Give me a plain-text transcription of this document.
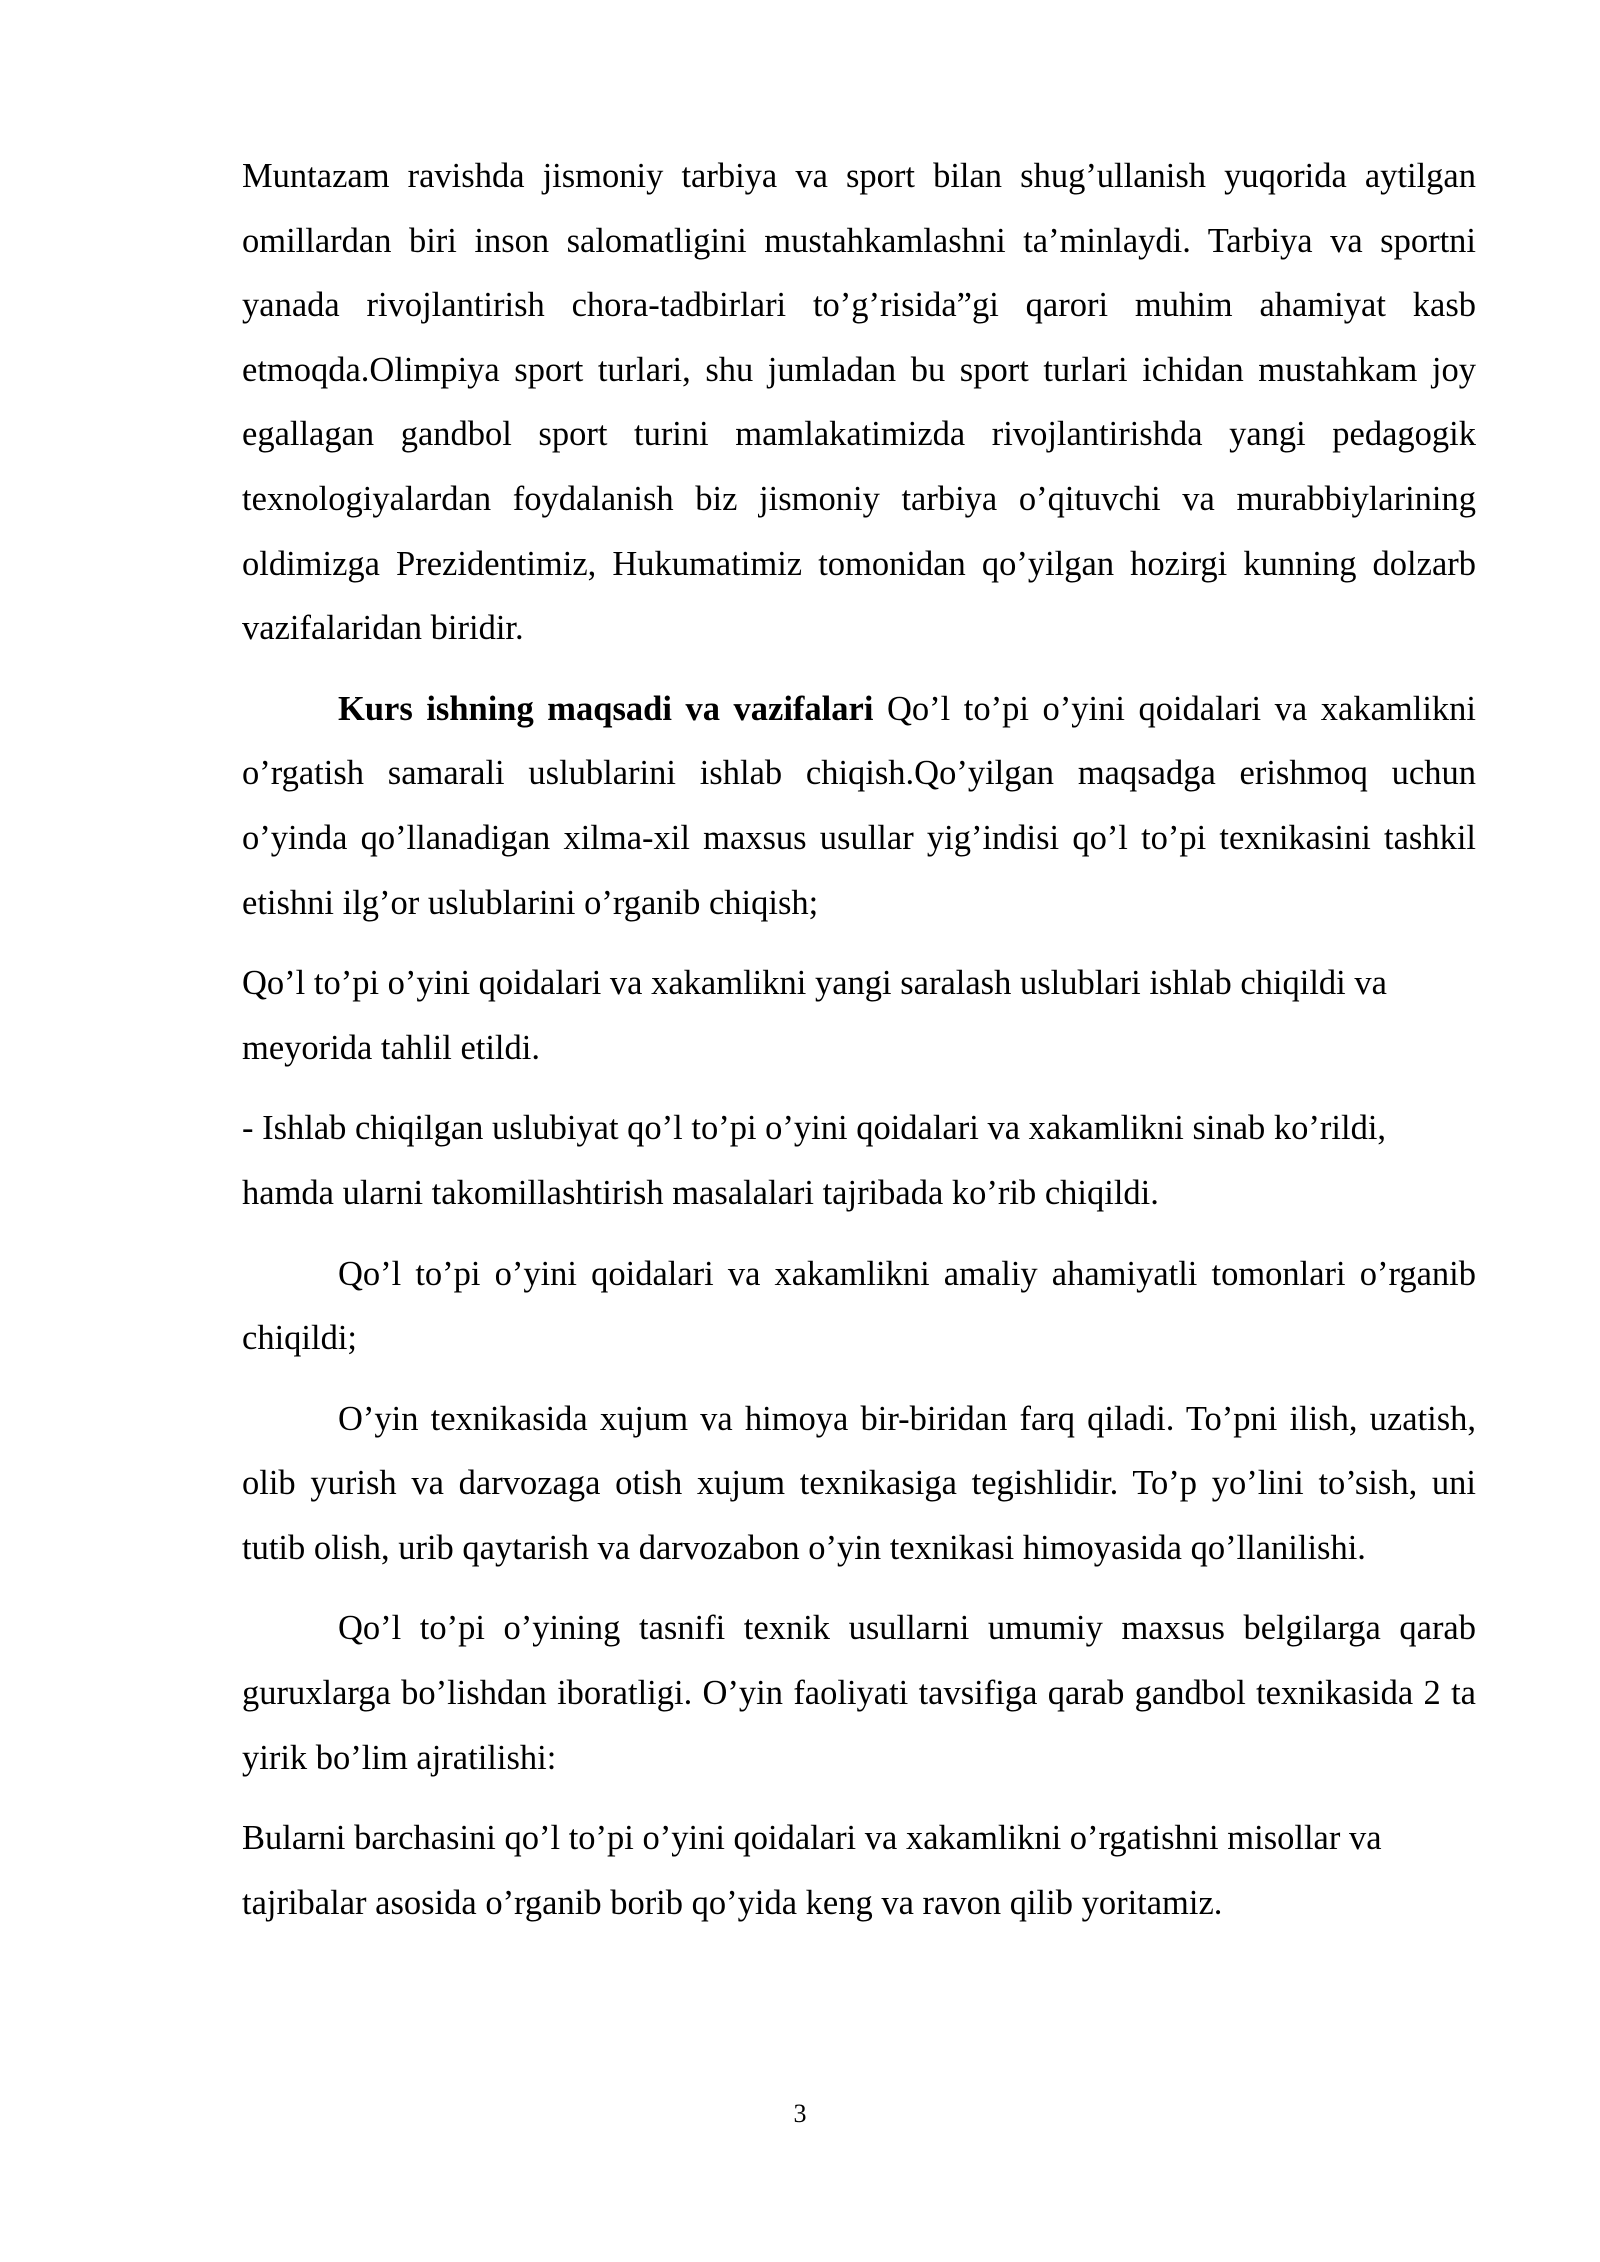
Muntazam ravishda jismoniy tarbiya va sport bilan shug’ullanish yuqorida aytilgan omillardan biri inson salomatligini mustahkamlashni ta’minlaydi. Tarbiya va sportni yanada rivojlantirish chora-tadbirlari to’g’risida”gi qarori muhim ahamiyat kasb etmoqda.Olimpiya sport turlari, shu jumladan bu sport turlari ichidan mustahkam joy egallagan gandbol sport turini mamlakatimizda rivojlantirishda yangi pedagogik texnologiyalardan foydalanish biz jismoniy tarbiya o’qituvchi va murabbiylarining oldimizga Prezidentimiz, Hukumatimiz tomonidan qo’yilgan hozirgi kunning dolzarb vazifalaridan biridir.

Kurs ishning maqsadi va vazifalari Qo’l to’pi o’yini qoidalari va xakamlikni o’rgatish samarali uslublarini ishlab chiqish.Qo’yilgan maqsadga erishmoq uchun o’yinda qo’llanadigan xilma-xil maxsus usullar yig’indisi qo’l to’pi texnikasini tashkil etishni ilg’or uslublarini o’rganib chiqish;

Qo’l to’pi o’yini qoidalari va xakamlikni yangi saralash uslublari ishlab chiqildi va meyorida tahlil etildi.

- Ishlab chiqilgan uslubiyat qo’l to’pi o’yini qoidalari va xakamlikni sinab ko’rildi, hamda ularni takomillashtirish masalalari tajribada ko’rib chiqildi.

Qo’l to’pi o’yini qoidalari va xakamlikni amaliy ahamiyatli tomonlari o’rganib chiqildi;

O’yin texnikasida xujum va himoya bir-biridan farq qiladi. To’pni ilish, uzatish, olib yurish va darvozaga otish xujum texnikasiga tegishlidir. To’p yo’lini to’sish, uni tutib olish, urib qaytarish va darvozabon o’yin texnikasi himoyasida qo’llanilishi.

Qo’l to’pi o’yining tasnifi texnik usullarni umumiy maxsus belgilarga qarab guruxlarga bo’lishdan iboratligi. O’yin faoliyati tavsifiga qarab gandbol texnikasida 2 ta yirik bo’lim ajratilishi:

Bularni barchasini qo’l to’pi o’yini qoidalari va xakamlikni o’rgatishni misollar va tajribalar asosida o’rganib borib qo’yida keng va ravon qilib yoritamiz.

3
